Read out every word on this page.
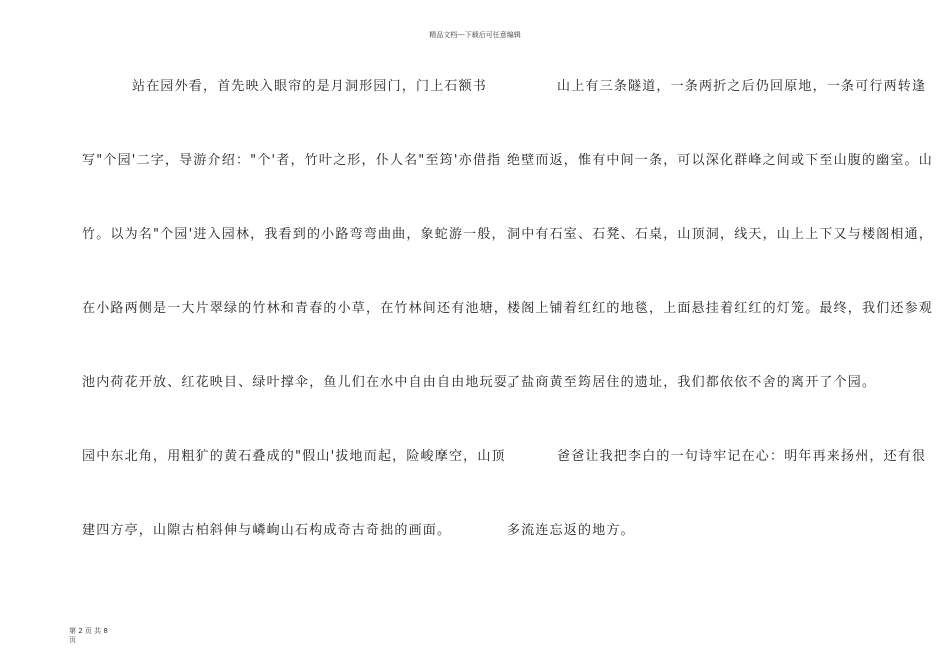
精品文档---下载后可任意编辑
站在园外看，首先映入眼帘的是月洞形园门，门上石额书
写"个园'二字，导游介绍："个'者，竹叶之形，仆人名"至筠'亦借指
竹。以为名"个园'进入园林，我看到的小路弯弯曲曲，象蛇游一般，
在小路两侧是一大片翠绿的竹林和青春的小草，在竹林间还有池塘，
池内荷花开放、红花映目、绿叶撑伞，鱼儿们在水中自由自由地玩耍。
园中东北角，用粗犷的黄石叠成的"假山'拔地而起，险峻摩空，山顶
建四方亭，山隙古柏斜伸与嶙峋山石构成奇古奇拙的画面。
山上有三条隧道，一条两折之后仍回原地，一条可行两转逢
绝壁而返，惟有中间一条，可以深化群峰之间或下至山腹的幽室。山
洞中有石室、石凳、石桌，山顶洞，线天，山上上下又与楼阁相通，
楼阁上铺着红红的地毯，上面悬挂着红红的灯笼。最终，我们还参观
了盐商黄至筠居住的遗址，我们都依依不舍的离开了个园。
爸爸让我把李白的一句诗牢记在心：明年再来扬州，还有很
多流连忘返的地方。
第 2 页 共 8 页
